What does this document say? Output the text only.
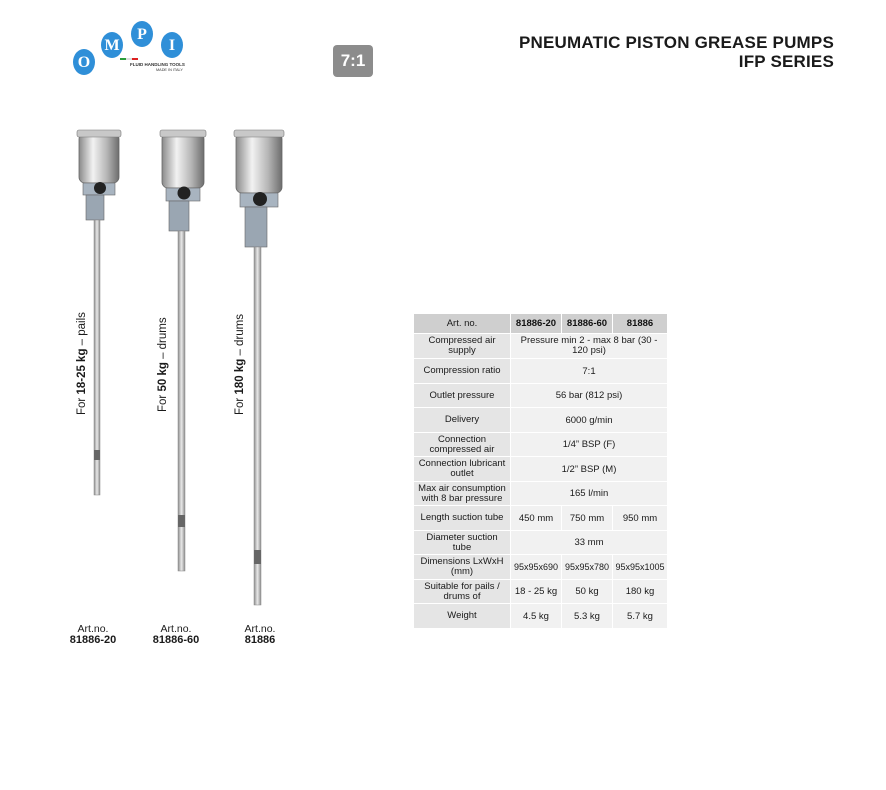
O
M
P
I
FLUID HANDLING TOOLS
MADE IN ITALY	7:1
PNEUMATIC PISTON GREASE PUMPS
IFP SERIES
For 18-25 kg – pails
For 50 kg – drums
For 180 kg – drums
Art.no.
81886-20
Art.no.
81886-60
Art.no.
81886
Art. no.	81886-20	81886-60	81886
Compressed air supply	Pressure min 2 - max 8 bar (30 - 120 psi)		
Compression ratio	7:1		
Outlet pressure	56 bar (812 psi)		
Delivery	6000 g/min		
Connection compressed air	1/4” BSP (F)		
Connection lubricant outlet	1/2” BSP (M)		
Max air consumption with 8 bar pressure	165 l/min		
Length suction tube	450 mm	750 mm	950 mm
Diameter suction tube	33 mm		
Dimensions LxWxH (mm)	95x95x690	95x95x780	95x95x1005
Suitable for pails / drums of	18 - 25 kg	50 kg	180 kg
Weight	4.5 kg	5.3 kg	5.7 kg
